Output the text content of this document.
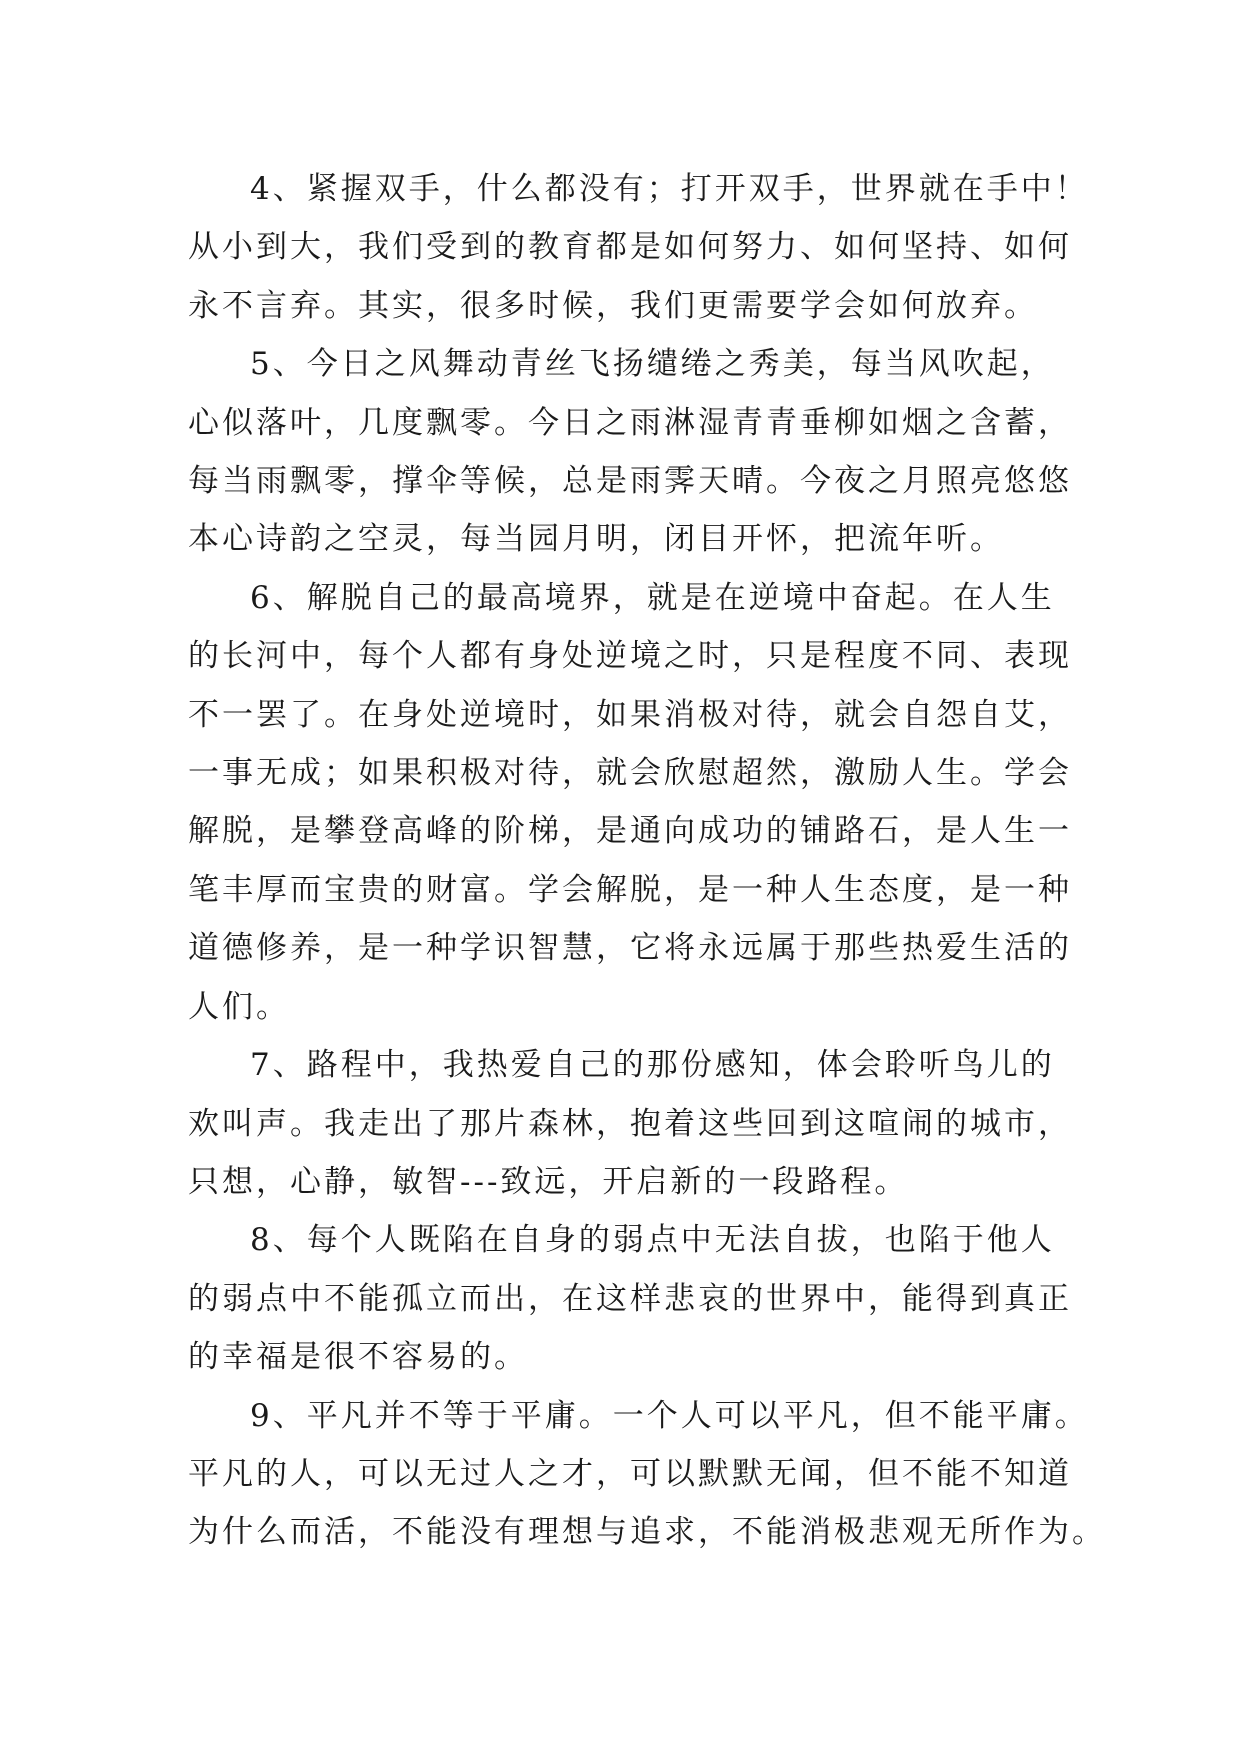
4、紧握双手，什么都没有；打开双手，世界就在手中！
从小到大，我们受到的教育都是如何努力、如何坚持、如何
永不言弃。其实，很多时候，我们更需要学会如何放弃。

5、今日之风舞动青丝飞扬缱绻之秀美，每当风吹起，
心似落叶，几度飘零。今日之雨淋湿青青垂柳如烟之含蓄，
每当雨飘零，撑伞等候，总是雨霁天晴。今夜之月照亮悠悠
本心诗韵之空灵，每当园月明，闭目开怀，把流年听。

6、解脱自己的最高境界，就是在逆境中奋起。在人生
的长河中，每个人都有身处逆境之时，只是程度不同、表现
不一罢了。在身处逆境时，如果消极对待，就会自怨自艾，
一事无成；如果积极对待，就会欣慰超然，激励人生。学会
解脱，是攀登高峰的阶梯，是通向成功的铺路石，是人生一
笔丰厚而宝贵的财富。学会解脱，是一种人生态度，是一种
道德修养，是一种学识智慧，它将永远属于那些热爱生活的
人们。

7、路程中，我热爱自己的那份感知，体会聆听鸟儿的
欢叫声。我走出了那片森林，抱着这些回到这喧闹的城市，
只想，心静，敏智---致远，开启新的一段路程。

8、每个人既陷在自身的弱点中无法自拔，也陷于他人
的弱点中不能孤立而出，在这样悲哀的世界中，能得到真正
的幸福是很不容易的。

9、平凡并不等于平庸。一个人可以平凡，但不能平庸。
平凡的人，可以无过人之才，可以默默无闻，但不能不知道
为什么而活，不能没有理想与追求，不能消极悲观无所作为。
